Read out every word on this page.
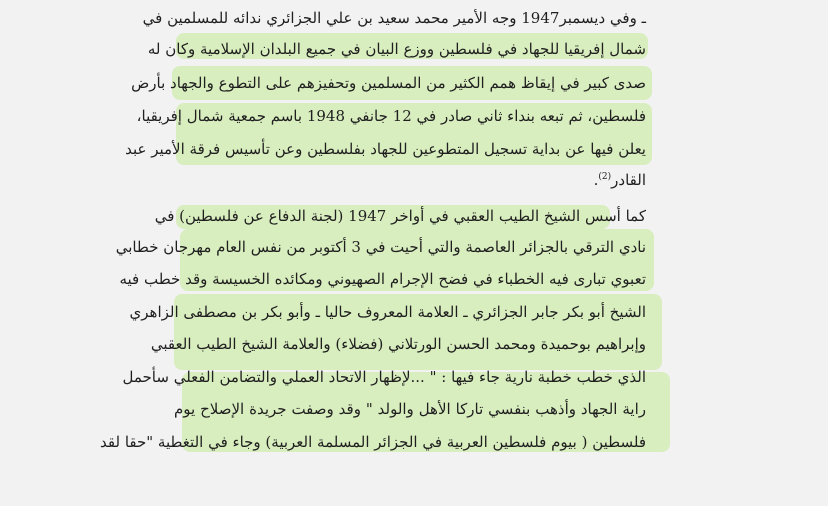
ـ وفي ديسمبر1947 وجه الأمير محمد سعيد بن علي الجزائري ندائه للمسلمين في
شمال إفريقيا للجهاد في فلسطين ووزع البيان في جميع البلدان الإسلامية وكان له
صدى كبير في إيقاظ همم الكثير من المسلمين وتحفيزهم على التطوع والجهاد بأرض
فلسطين، ثم تبعه بنداء ثاني صادر في 12 جانفي 1948 باسم جمعية شمال إفريقيا،
يعلن فيها عن بداية تسجيل المتطوعين للجهاد بفلسطين وعن تأسيس فرقة الأمير عبد
القادر$^{(2)}$.
كما أسس الشيخ الطيب العقبي في أواخر 1947 (لجنة الدفاع عن فلسطين) في
نادي الترقي بالجزائر العاصمة والتي أحيت في 3 أكتوبر من نفس العام مهرجان خطابي
تعبوي تبارى فيه الخطباء في فضح الإجرام الصهيوني ومكائده الخسيسة وقد خطب فيه
الشيخ أبو بكر جابر الجزائري ـ العلامة المعروف حاليا ـ وأبو بكر بن مصطفى الزاهري
وإبراهيم بوحميدة ومحمد الحسن الورتلاني (فضلاء) والعلامة الشيخ الطيب العقبي
الذي خطب خطبة نارية جاء فيها : " ...لإظهار الاتحاد العملي والتضامن الفعلي سأحمل
راية الجهاد وأذهب بنفسي تاركا الأهل والولد " وقد وصفت جريدة الإصلاح يوم
فلسطين ( بيوم فلسطين العربية في الجزائر المسلمة العربية) وجاء في التغطية "حقا لقد
